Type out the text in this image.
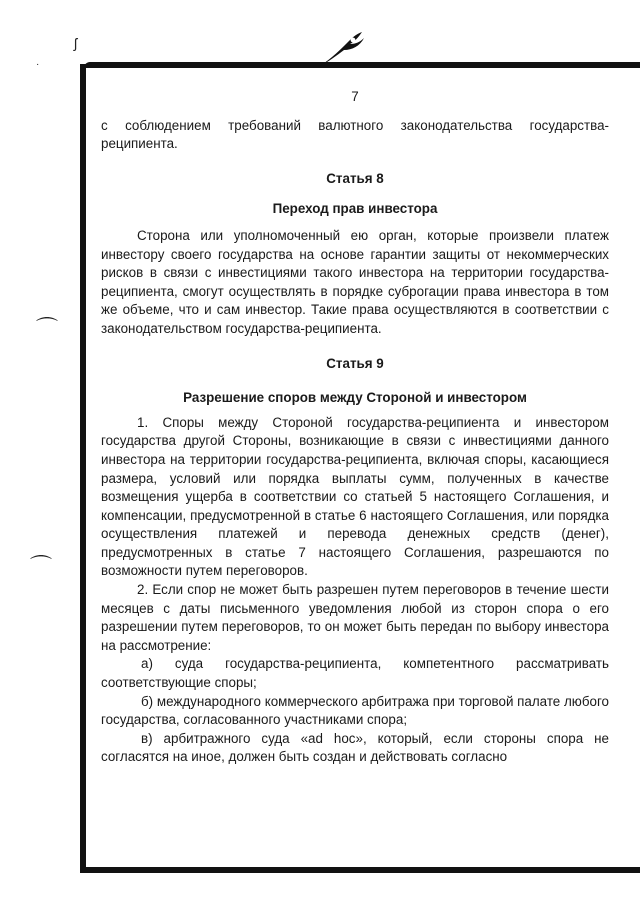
ʃ
·
⌒
⌒
7

с соблюдением требований валютного законодательства государства-реципиента.

Статья 8

Переход прав инвестора

Сторона или уполномоченный ею орган, которые произвели платеж инвестору своего государства на основе гарантии защиты от некоммерческих рисков в связи с инвестициями такого инвестора на территории государства-реципиента, смогут осуществлять в порядке суброгации права инвестора в том же объеме, что и сам инвестор. Такие права осуществляются в соответствии с законодательством государства-реципиента.

Статья 9

Разрешение споров между Стороной и инвестором

1. Споры между Стороной государства-реципиента и инвестором государства другой Стороны, возникающие в связи с инвестициями данного инвестора на территории государства-реципиента, включая споры, касающиеся размера, условий или порядка выплаты сумм, полученных в качестве возмещения ущерба в соответствии со статьей 5 настоящего Соглашения, и компенсации, предусмотренной в статье 6 настоящего Соглашения, или порядка осуществления платежей и перевода денежных средств (денег), предусмотренных в статье 7 настоящего Соглашения, разрешаются по возможности путем переговоров.

2. Если спор не может быть разрешен путем переговоров в течение шести месяцев с даты письменного уведомления любой из сторон спора о его разрешении путем переговоров, то он может быть передан по выбору инвестора на рассмотрение:

а) суда государства-реципиента, компетентного рассматривать соответствующие споры;

б) международного коммерческого арбитража при торговой палате любого государства, согласованного участниками спора;

в) арбитражного суда «ad hoc», который, если стороны спора не согласятся на иное, должен быть создан и действовать согласно
